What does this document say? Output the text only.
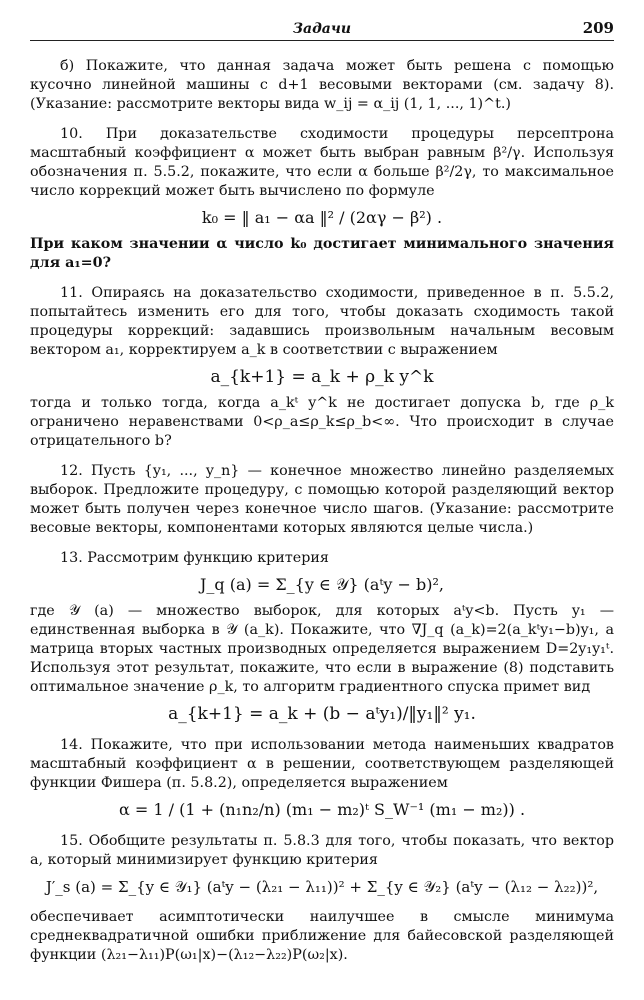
Задачи	209

б) Покажите, что данная задача может быть решена с помощью кусочно линейной машины с d+1 весовыми векторами (см. задачу 8). (Указание: рассмотрите векторы вида w_ij = α_ij (1, 1, ..., 1)^t.)

10. При доказательстве сходимости процедуры персептрона масштабный коэффициент α может быть выбран равным β²/γ. Используя обозначения п. 5.5.2, покажите, что если α больше β²/2γ, то максимальное число коррекций может быть вычислено по формуле

k₀ = ‖ a₁ − αa ‖² / (2αγ − β²) .

При каком значении α число k₀ достигает минимального значения для a₁=0?

11. Опираясь на доказательство сходимости, приведенное в п. 5.5.2, попытайтесь изменить его для того, чтобы доказать сходимость такой процедуры коррекций: задавшись произвольным начальным весовым вектором a₁, корректируем a_k в соответствии с выражением

a_{k+1} = a_k + ρ_k y^k

тогда и только тогда, когда a_kᵗ y^k не достигает допуска b, где ρ_k ограничено неравенствами 0<ρ_a≤ρ_k≤ρ_b<∞. Что происходит в случае отрицательного b?

12. Пусть {y₁, ..., y_n} — конечное множество линейно разделяемых выборок. Предложите процедуру, с помощью которой разделяющий вектор может быть получен через конечное число шагов. (Указание: рассмотрите весовые векторы, компонентами которых являются целые числа.)

13. Рассмотрим функцию критерия

J_q (a) = Σ_{y ∈ 𝒴} (aᵗy − b)²,

где 𝒴 (a) — множество выборок, для которых aᵗy<b. Пусть y₁ — единственная выборка в 𝒴 (a_k). Покажите, что ∇J_q (a_k)=2(a_kᵗy₁−b)y₁, а матрица вторых частных производных определяется выражением D=2y₁y₁ᵗ. Используя этот результат, покажите, что если в выражение (8) подставить оптимальное значение ρ_k, то алгоритм градиентного спуска примет вид

a_{k+1} = a_k + (b − aᵗy₁)/‖y₁‖² y₁.

14. Покажите, что при использовании метода наименьших квадратов масштабный коэффициент α в решении, соответствующем разделяющей функции Фишера (п. 5.8.2), определяется выражением

α = 1 / (1 + (n₁n₂/n) (m₁ − m₂)ᵗ S_W⁻¹ (m₁ − m₂)) .

15. Обобщите результаты п. 5.8.3 для того, чтобы показать, что вектор a, который минимизирует функцию критерия

J′_s (a) = Σ_{y ∈ 𝒴₁} (aᵗy − (λ₂₁ − λ₁₁))² + Σ_{y ∈ 𝒴₂} (aᵗy − (λ₁₂ − λ₂₂))²,

обеспечивает асимптотически наилучшее в смысле минимума среднеквадратичной ошибки приближение для байесовской разделяющей функции (λ₂₁−λ₁₁)P(ω₁|x)−(λ₁₂−λ₂₂)P(ω₂|x).
